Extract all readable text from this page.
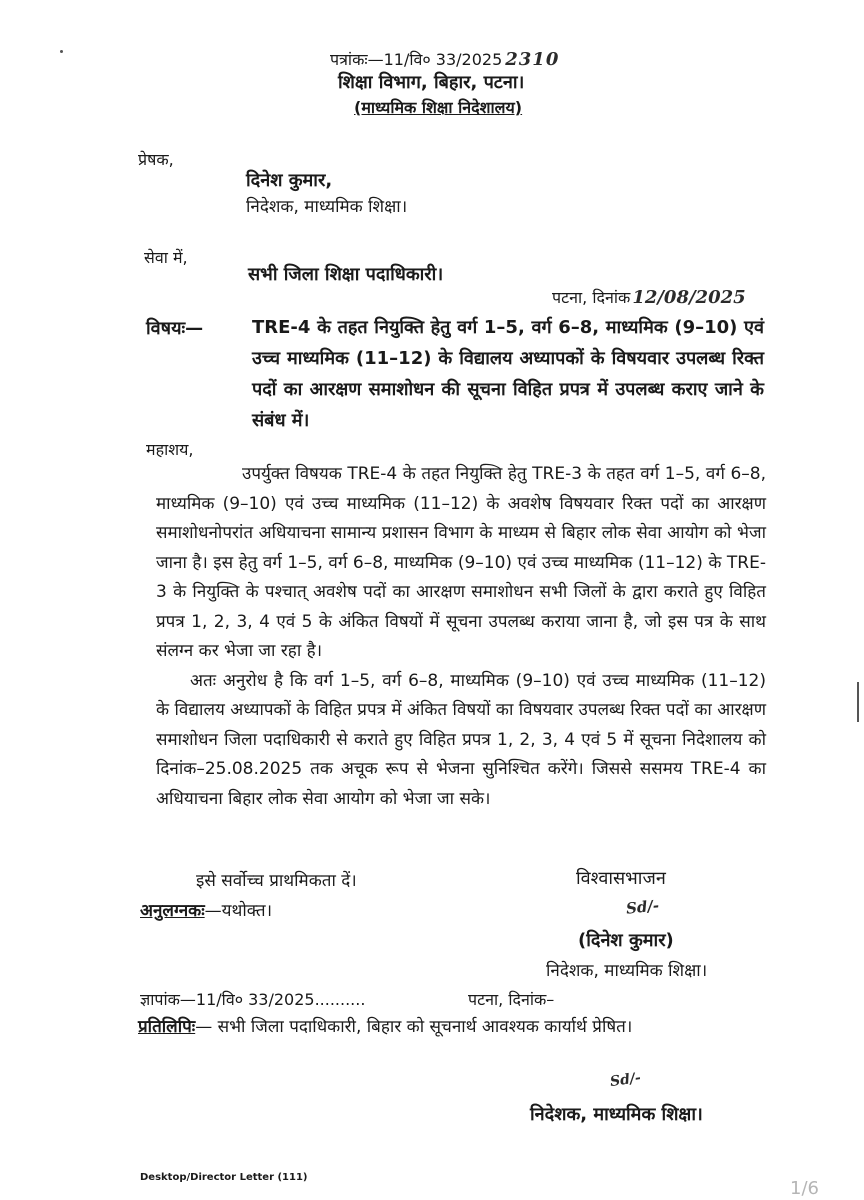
पत्रांकः—11/वि० 33/2025 2310
शिक्षा विभाग, बिहार, पटना।
(माध्यमिक शिक्षा निदेशालय)
प्रेषक,
दिनेश कुमार,
निदेशक, माध्यमिक शिक्षा।
सेवा में,
सभी जिला शिक्षा पदाधिकारी।
पटना, दिनांक 12/08/2025
विषयः—	TRE-4 के तहत नियुक्ति हेतु वर्ग 1–5, वर्ग 6–8, माध्यमिक (9–10) एवं उच्च माध्यमिक (11–12) के विद्यालय अध्यापकों के विषयवार उपलब्ध रिक्त पदों का आरक्षण समाशोधन की सूचना विहित प्रपत्र में उपलब्ध कराए जाने के संबंध में।
महाशय,

उपर्युक्त विषयक TRE-4 के तहत नियुक्ति हेतु TRE-3 के तहत वर्ग 1–5, वर्ग 6–8, माध्यमिक (9–10) एवं उच्च माध्यमिक (11–12) के अवशेष विषयवार रिक्त पदों का आरक्षण समाशोधनोपरांत अधियाचना सामान्य प्रशासन विभाग के माध्यम से बिहार लोक सेवा आयोग को भेजा जाना है। इस हेतु वर्ग 1–5, वर्ग 6–8, माध्यमिक (9–10) एवं उच्च माध्यमिक (11–12) के TRE-3 के नियुक्ति के पश्चात् अवशेष पदों का आरक्षण समाशोधन सभी जिलों के द्वारा कराते हुए विहित प्रपत्र 1, 2, 3, 4 एवं 5 के अंकित विषयों में सूचना उपलब्ध कराया जाना है, जो इस पत्र के साथ संलग्न कर भेजा जा रहा है।

अतः अनुरोध है कि वर्ग 1–5, वर्ग 6–8, माध्यमिक (9–10) एवं उच्च माध्यमिक (11–12) के विद्यालय अध्यापकों के विहित प्रपत्र में अंकित विषयों का विषयवार उपलब्ध रिक्त पदों का आरक्षण समाशोधन जिला पदाधिकारी से कराते हुए विहित प्रपत्र 1, 2, 3, 4 एवं 5 में सूचना निदेशालय को दिनांक–25.08.2025 तक अचूक रूप से भेजना सुनिश्चित करेंगे। जिससे ससमय TRE-4 का अधियाचना बिहार लोक सेवा आयोग को भेजा जा सके।

इसे सर्वोच्च प्राथमिकता दें।	विश्वासभाजन
अनुलग्नकः—यथोक्त।	Sd/-
(दिनेश कुमार)
निदेशक, माध्यमिक शिक्षा।
ज्ञापांक—11/वि० 33/2025..........	पटना, दिनांक–
प्रतिलिपिः— सभी जिला पदाधिकारी, बिहार को सूचनार्थ आवश्यक कार्यार्थ प्रेषित।
Sd/-
निदेशक, माध्यमिक शिक्षा।
Desktop/Director Letter (111)
1/6
